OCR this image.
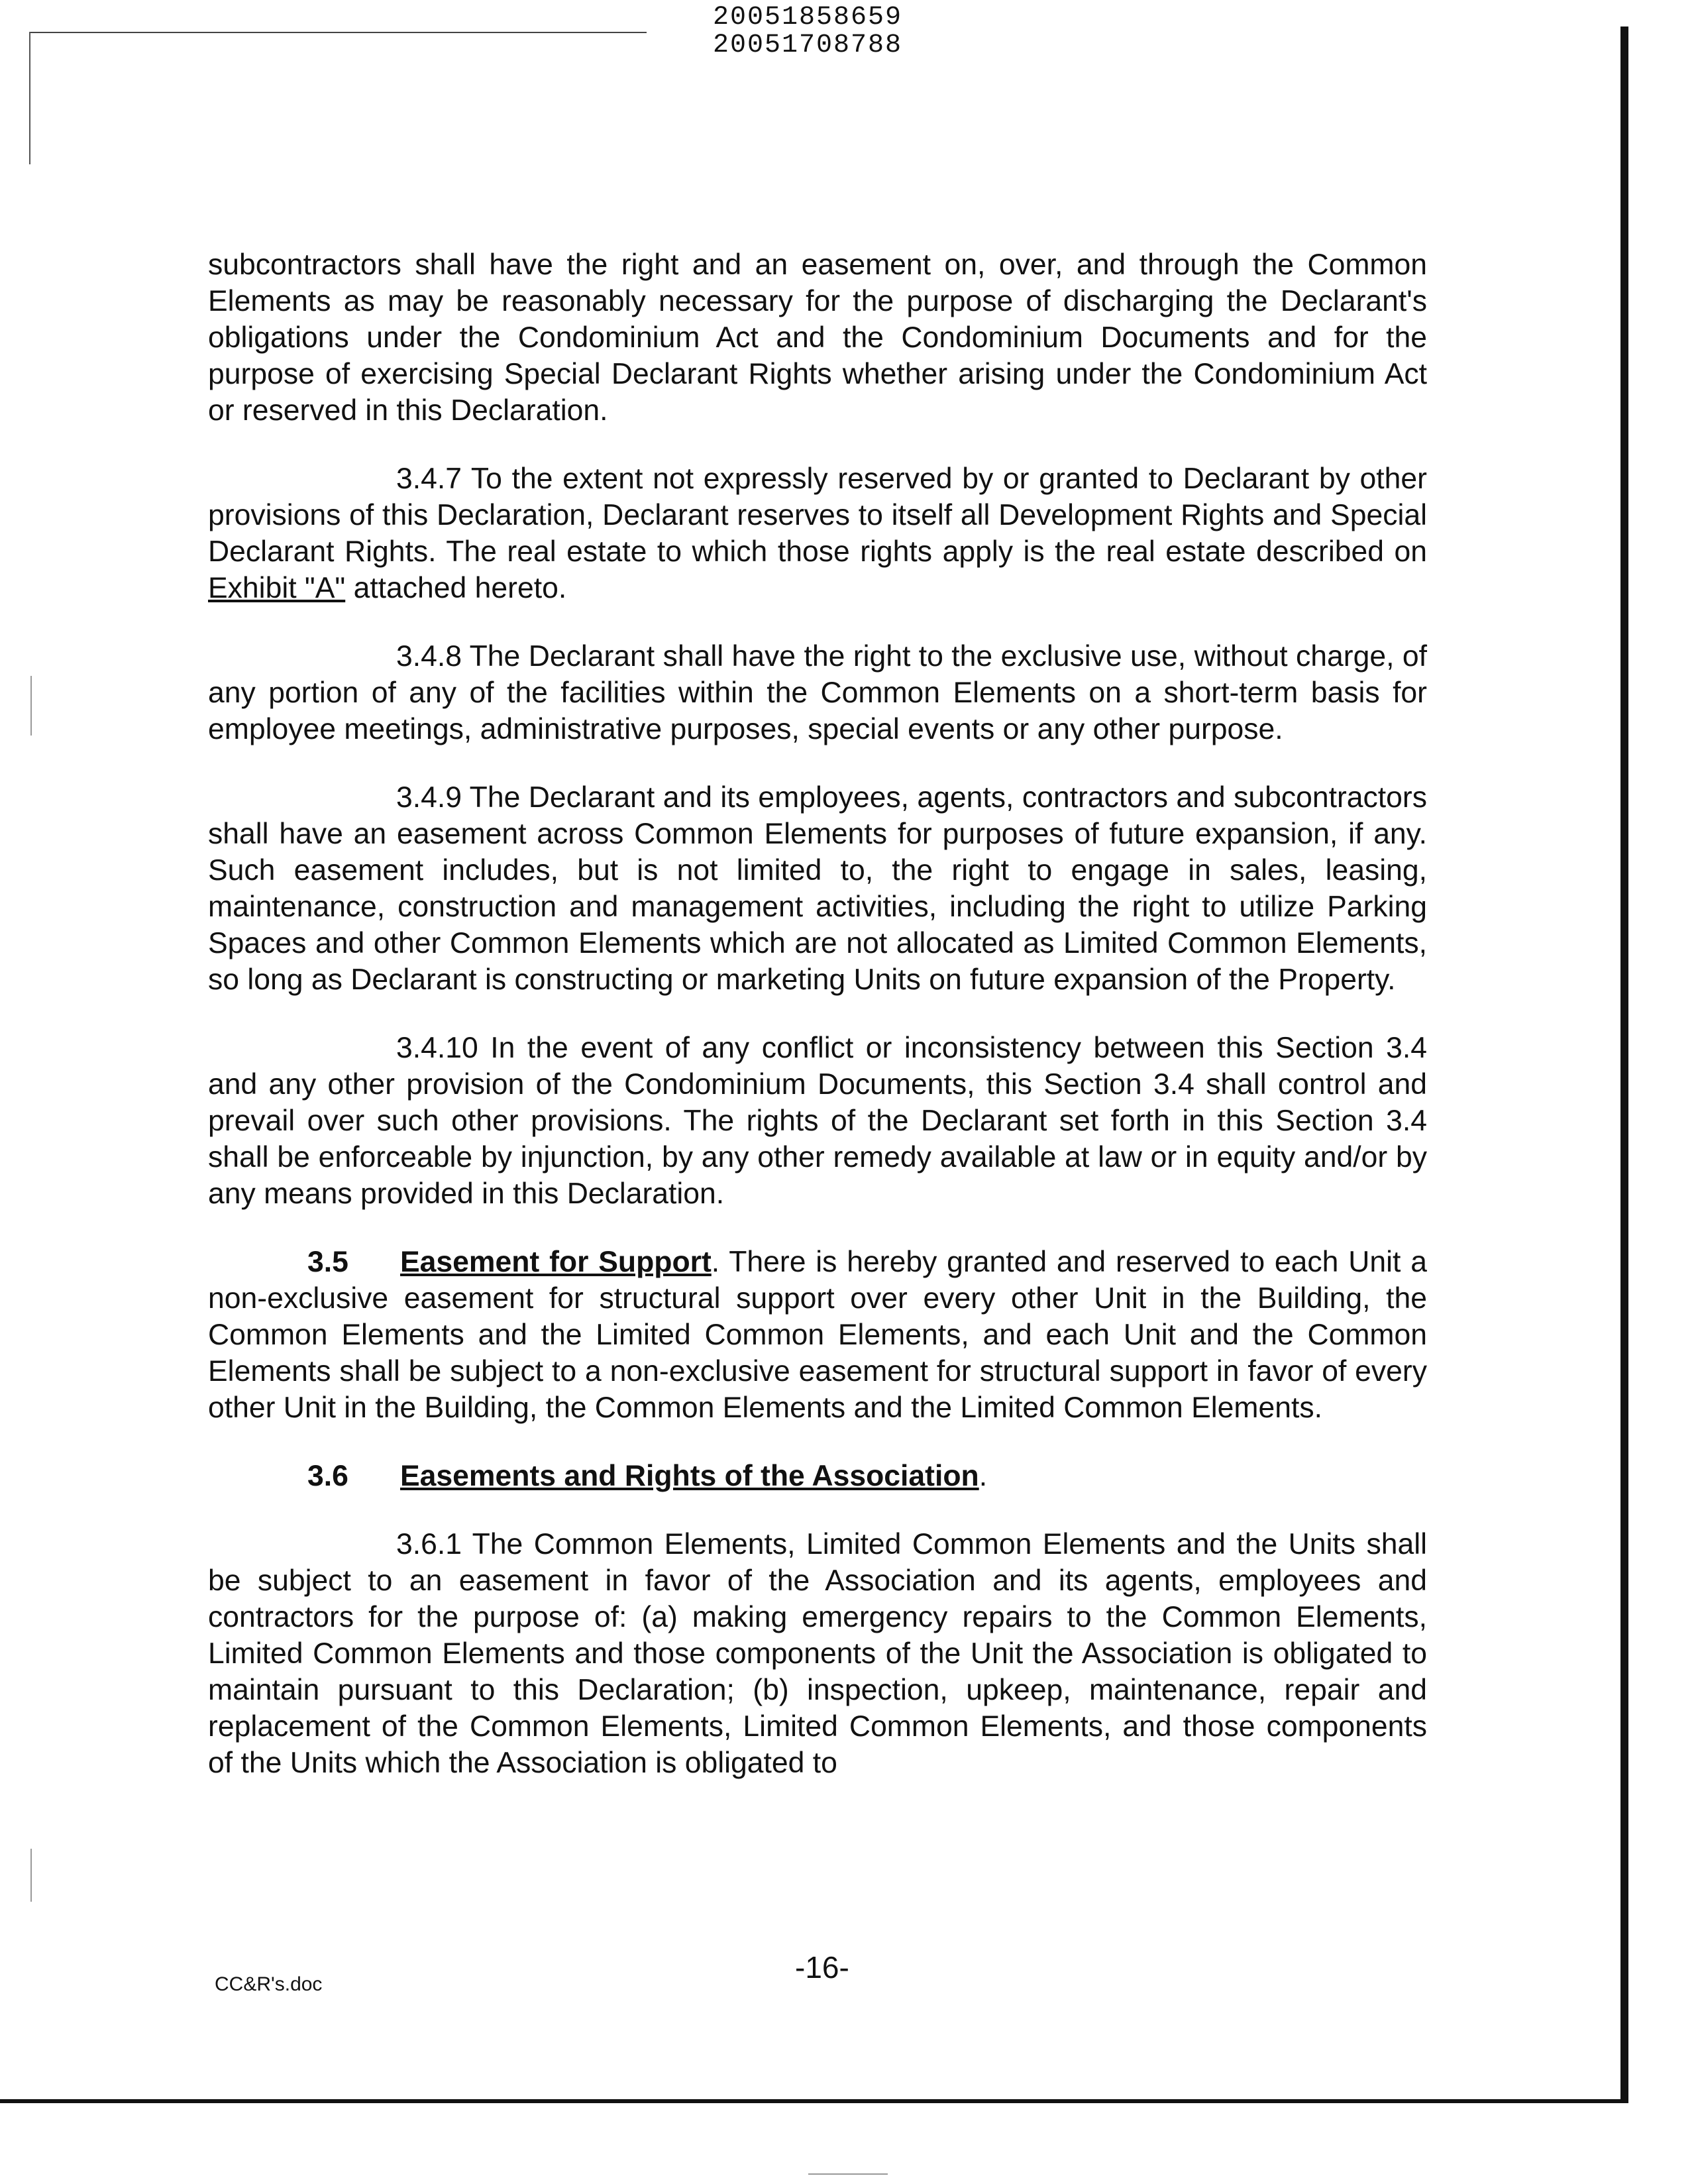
20051858659
20051708788

subcontractors shall have the right and an easement on, over, and through the Common Elements as may be reasonably necessary for the purpose of discharging the Declarant's obligations under the Condominium Act and the Condominium Documents and for the purpose of exercising Special Declarant Rights whether arising under the Condominium Act or reserved in this Declaration.

3.4.7 To the extent not expressly reserved by or granted to Declarant by other provisions of this Declaration, Declarant reserves to itself all Development Rights and Special Declarant Rights. The real estate to which those rights apply is the real estate described on Exhibit "A" attached hereto.

3.4.8 The Declarant shall have the right to the exclusive use, without charge, of any portion of any of the facilities within the Common Elements on a short-term basis for employee meetings, administrative purposes, special events or any other purpose.

3.4.9 The Declarant and its employees, agents, contractors and subcontractors shall have an easement across Common Elements for purposes of future expansion, if any. Such easement includes, but is not limited to, the right to engage in sales, leasing, maintenance, construction and management activities, including the right to utilize Parking Spaces and other Common Elements which are not allocated as Limited Common Elements, so long as Declarant is constructing or marketing Units on future expansion of the Property.

3.4.10 In the event of any conflict or inconsistency between this Section 3.4 and any other provision of the Condominium Documents, this Section 3.4 shall control and prevail over such other provisions. The rights of the Declarant set forth in this Section 3.4 shall be enforceable by injunction, by any other remedy available at law or in equity and/or by any means provided in this Declaration.

3.5 Easement for Support. There is hereby granted and reserved to each Unit a non-exclusive easement for structural support over every other Unit in the Building, the Common Elements and the Limited Common Elements, and each Unit and the Common Elements shall be subject to a non-exclusive easement for structural support in favor of every other Unit in the Building, the Common Elements and the Limited Common Elements.

3.6 Easements and Rights of the Association.

3.6.1 The Common Elements, Limited Common Elements and the Units shall be subject to an easement in favor of the Association and its agents, employees and contractors for the purpose of: (a) making emergency repairs to the Common Elements, Limited Common Elements and those components of the Unit the Association is obligated to maintain pursuant to this Declaration; (b) inspection, upkeep, maintenance, repair and replacement of the Common Elements, Limited Common Elements, and those components of the Units which the Association is obligated to

-16-
CC&R's.doc
